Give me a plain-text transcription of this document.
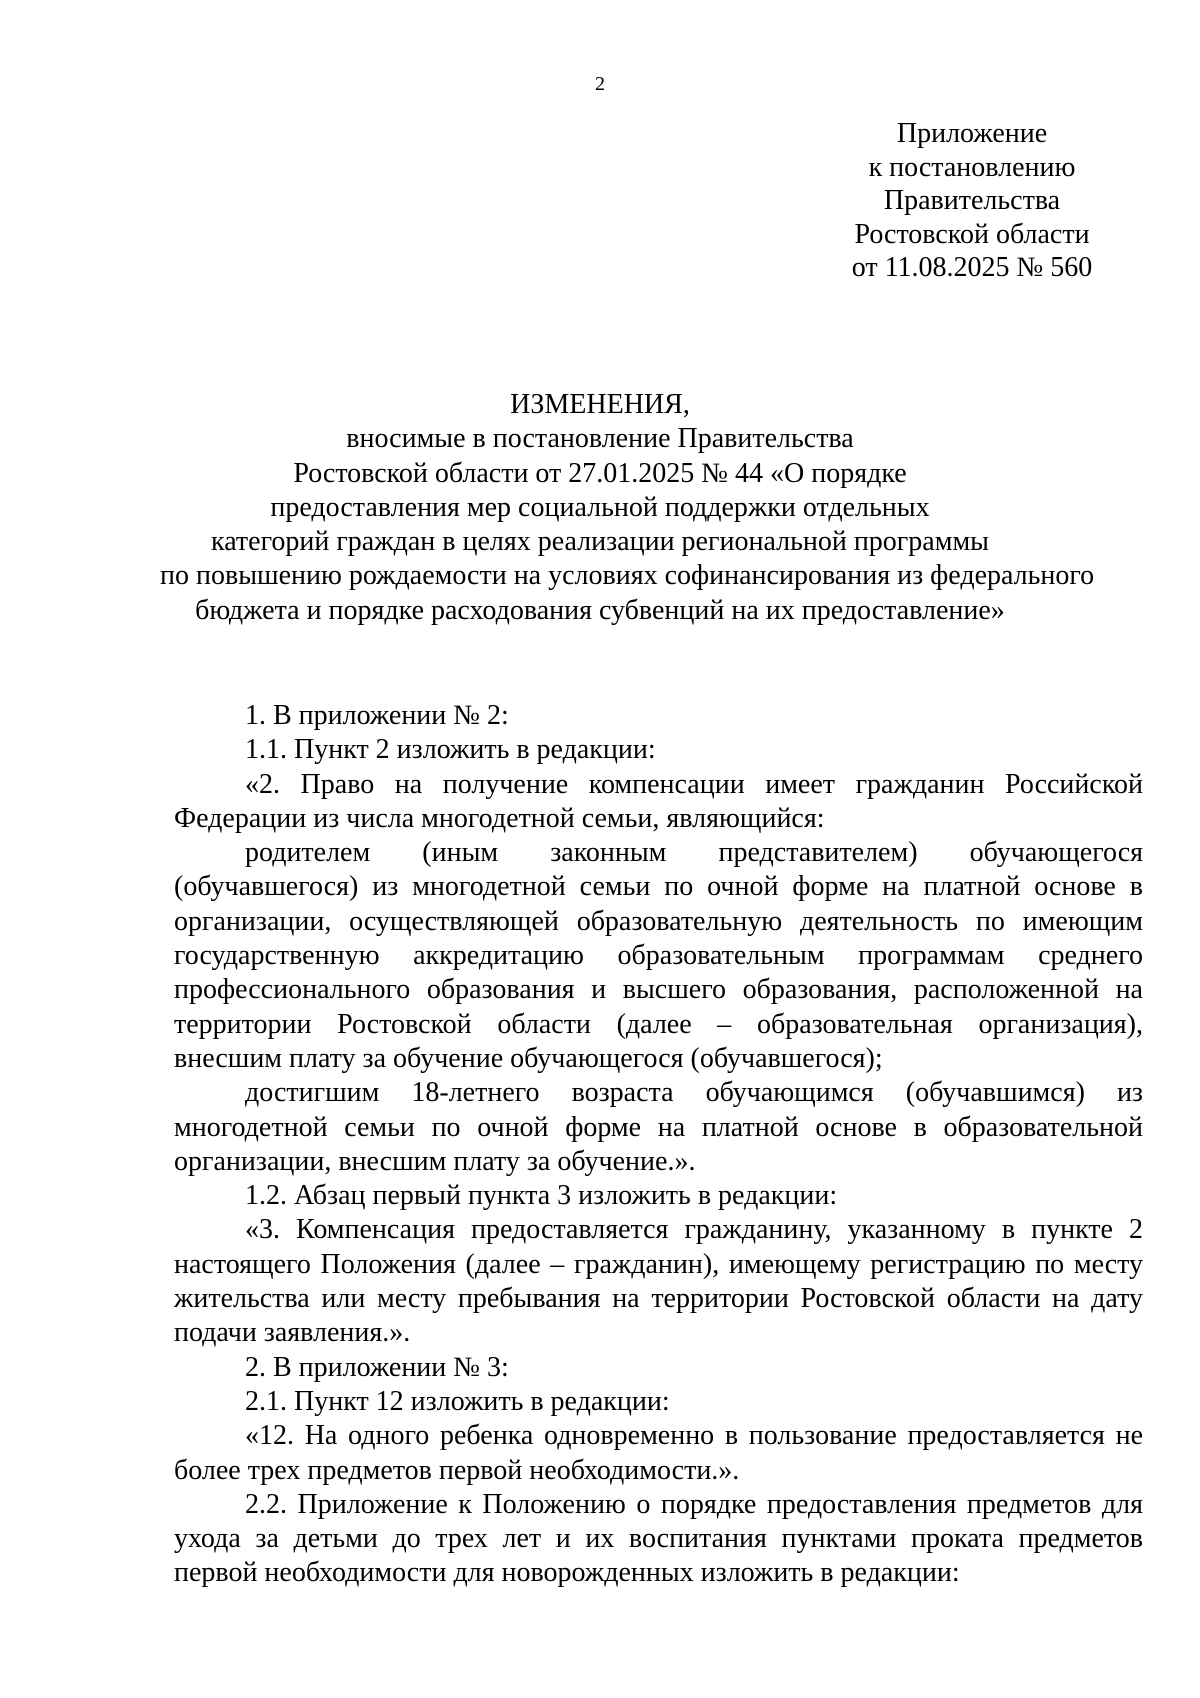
2
Приложение
к постановлению
Правительства
Ростовской области
от 11.08.2025 № 560
ИЗМЕНЕНИЯ,
вносимые в постановление Правительства
Ростовской области от 27.01.2025 № 44 «О порядке
предоставления мер социальной поддержки отдельных
категорий граждан в целях реализации региональной программы
по повышению рождаемости на условиях софинансирования из федерального
бюджета и порядке расходования субвенций на их предоставление»

1. В приложении № 2:

1.1. Пункт 2 изложить в редакции:

«2. Право на получение компенсации имеет гражданин Российской Федерации из числа многодетной семьи, являющийся:

родителем (иным законным представителем) обучающегося (обучавшегося) из многодетной семьи по очной форме на платной основе в организации, осуществляющей образовательную деятельность по имеющим государственную аккредитацию образовательным программам среднего профессионального образования и высшего образования, расположенной на территории Ростовской области (далее – образовательная организация), внесшим плату за обучение обучающегося (обучавшегося);

достигшим 18-летнего возраста обучающимся (обучавшимся) из многодетной семьи по очной форме на платной основе в образовательной организации, внесшим плату за обучение.».

1.2. Абзац первый пункта 3 изложить в редакции:

«3. Компенсация предоставляется гражданину, указанному в пункте 2 настоящего Положения (далее – гражданин), имеющему регистрацию по месту жительства или месту пребывания на территории Ростовской области на дату подачи заявления.».

2. В приложении № 3:

2.1. Пункт 12 изложить в редакции:

«12. На одного ребенка одновременно в пользование предоставляется не более трех предметов первой необходимости.».

2.2. Приложение к Положению о порядке предоставления предметов для ухода за детьми до трех лет и их воспитания пунктами проката предметов первой необходимости для новорожденных изложить в редакции:
